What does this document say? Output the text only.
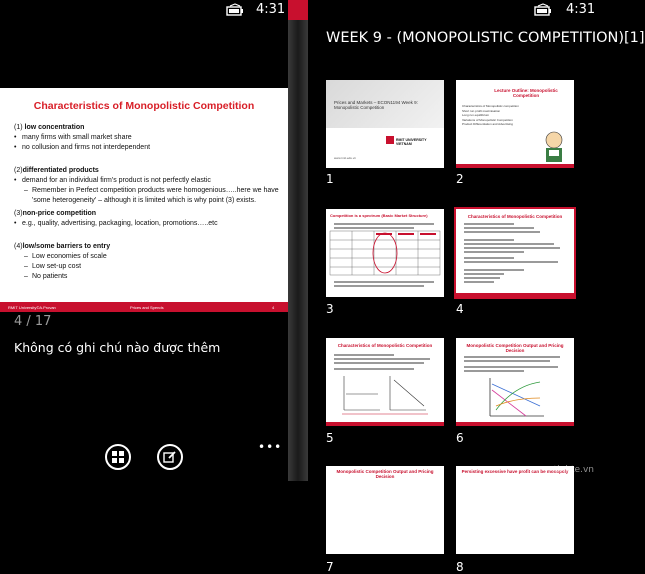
4:31
Characteristics of Monopolistic Competition
(1) low concentration
• many firms with small market share
• no collusion and firms not interdependent
(2)differentiated products
• demand for an individual firm's product is not perfectly elastic
– Remember in Perfect competition products were homogenious…..here we have 'some heterogeneity' – although it is limited which is why point (3) exists.
(3)non-price competition
• e.g., quality, advertising, packaging, location, promotions…..etc
(4)low/some barriers to entry
– Low economies of scale
– Low set-up cost
– No patients
RMIT University©A.Provan	Prices and Spends	4
4 / 17
Không có ghi chú nào được thêm
•••
4:31
WEEK 9 - (MONOPOLISTIC COMPETITION)[1]
Prices and Markets – ECON1194 Week 9: Monopolistic Competition
RMIT UNIVERSITY VIETNAM
www.rmit.edu.vn
1
Lecture Outline: Monopolistic Competition
Characteristics of Monopolistic competition
Short run profit maximisation
Long run equilibrium
Variations of Monopolistic Competition
Product Differentiation and Advertising
2
Competition is a spectrum (Basic Market Structure)
3
Characteristics of Monopolistic Competition
4
Characteristics of Monopolistic Competition
5
Monopolistic Competition Output and Pricing Decision
6
Monopolistic Competition Output and Pricing Decision
7
Persisting excessive have profit can be monopoly
8
tinhte.vn
